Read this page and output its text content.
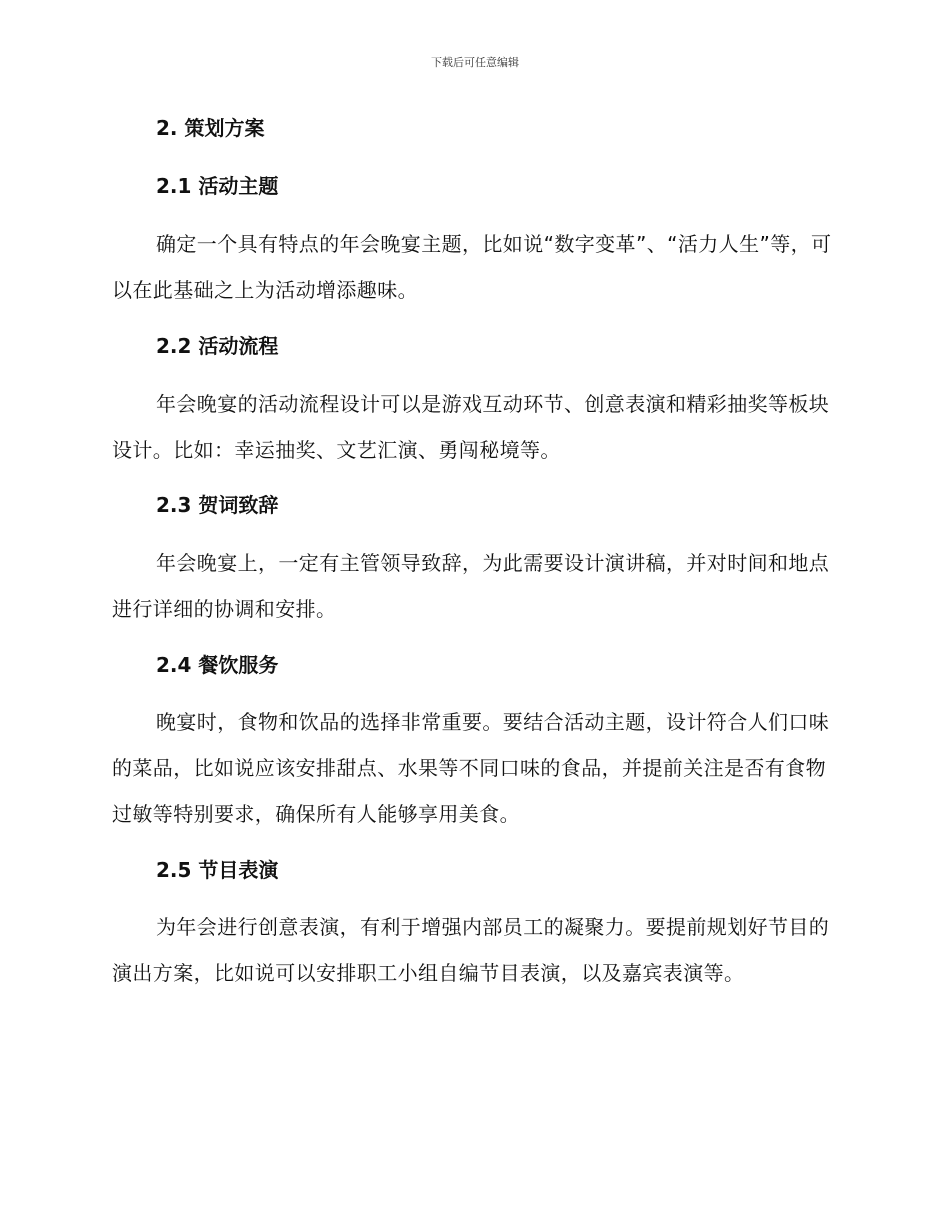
下载后可任意编辑
2. 策划方案
2.1 活动主题
确定一个具有特点的年会晚宴主题，比如说“数字变革”、“活力人生”等，可以在此基础之上为活动增添趣味。
2.2 活动流程
年会晚宴的活动流程设计可以是游戏互动环节、创意表演和精彩抽奖等板块设计。比如：幸运抽奖、文艺汇演、勇闯秘境等。
2.3 贺词致辞
年会晚宴上，一定有主管领导致辞，为此需要设计演讲稿，并对时间和地点进行详细的协调和安排。
2.4 餐饮服务
晚宴时，食物和饮品的选择非常重要。要结合活动主题，设计符合人们口味的菜品，比如说应该安排甜点、水果等不同口味的食品，并提前关注是否有食物过敏等特别要求，确保所有人能够享用美食。
2.5 节目表演
为年会进行创意表演，有利于增强内部员工的凝聚力。要提前规划好节目的演出方案，比如说可以安排职工小组自编节目表演，以及嘉宾表演等。
